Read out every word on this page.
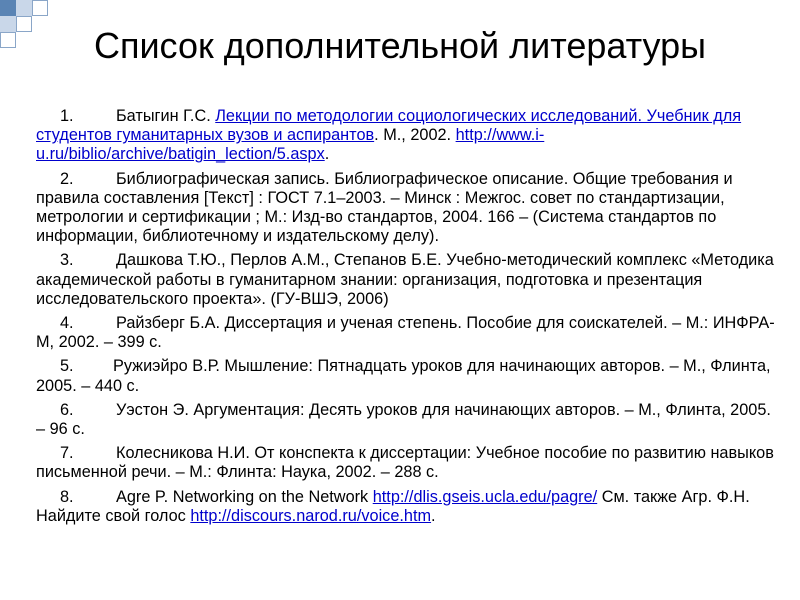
Список дополнительной литературы

1.	Батыгин Г.С. Лекции по методологии социологических исследований. Учебник для студентов гуманитарных вузов и аспирантов. М., 2002. http://www.i-u.ru/biblio/archive/batigin_lection/5.aspx.

2.	Библиографическая запись. Библиографическое описание. Общие требования и правила составления [Текст] : ГОСТ 7.1–2003. – Минск : Межгос. совет по стандартизации, метрологии и сертификации ; М.: Изд-во стандартов, 2004. 166 – (Система стандартов по информации, библиотечному и издательскому делу).

3.	Дашкова Т.Ю., Перлов А.М., Степанов Б.Е. Учебно-методический комплекс «Методика академической работы в гуманитарном знании: организация, подготовка и презентация исследовательского проекта». (ГУ-ВШЭ, 2006)

4.	Райзберг Б.А. Диссертация и ученая степень. Пособие для соискателей. – М.: ИНФРА-М, 2002. – 399 с.

5. Ружиэйро В.Р. Мышление: Пятнадцать уроков для начинающих авторов. – М., Флинта, 2005. – 440 с.

6.	Уэстон Э. Аргументация: Десять уроков для начинающих авторов. – М., Флинта, 2005. – 96 с.

7.	Колесникова Н.И. От конспекта к диссертации: Учебное пособие по развитию навыков письменной речи. – М.: Флинта: Наука, 2002. – 288 с.

8.	Agre P. Networking on the Network http://dlis.gseis.ucla.edu/pagre/ См. также Агр. Ф.Н. Найдите свой голос http://discours.narod.ru/voice.htm.
